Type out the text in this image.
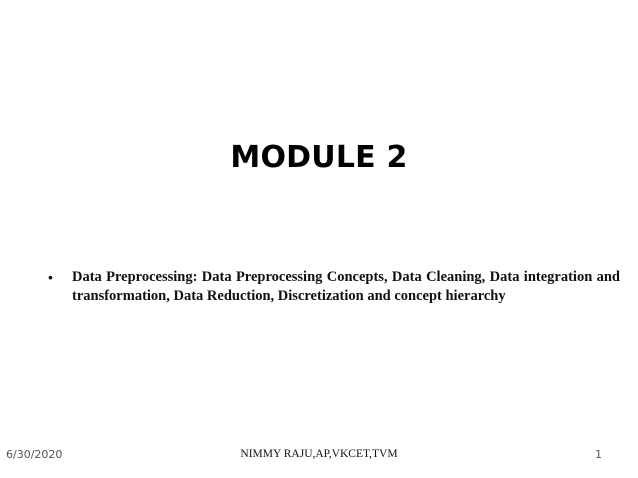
MODULE 2
• Data Preprocessing: Data Preprocessing Concepts, Data Cleaning, Data integration and transformation, Data Reduction, Discretization and concept hierarchy
6/30/2020	NIMMY RAJU,AP,VKCET,TVM	1
